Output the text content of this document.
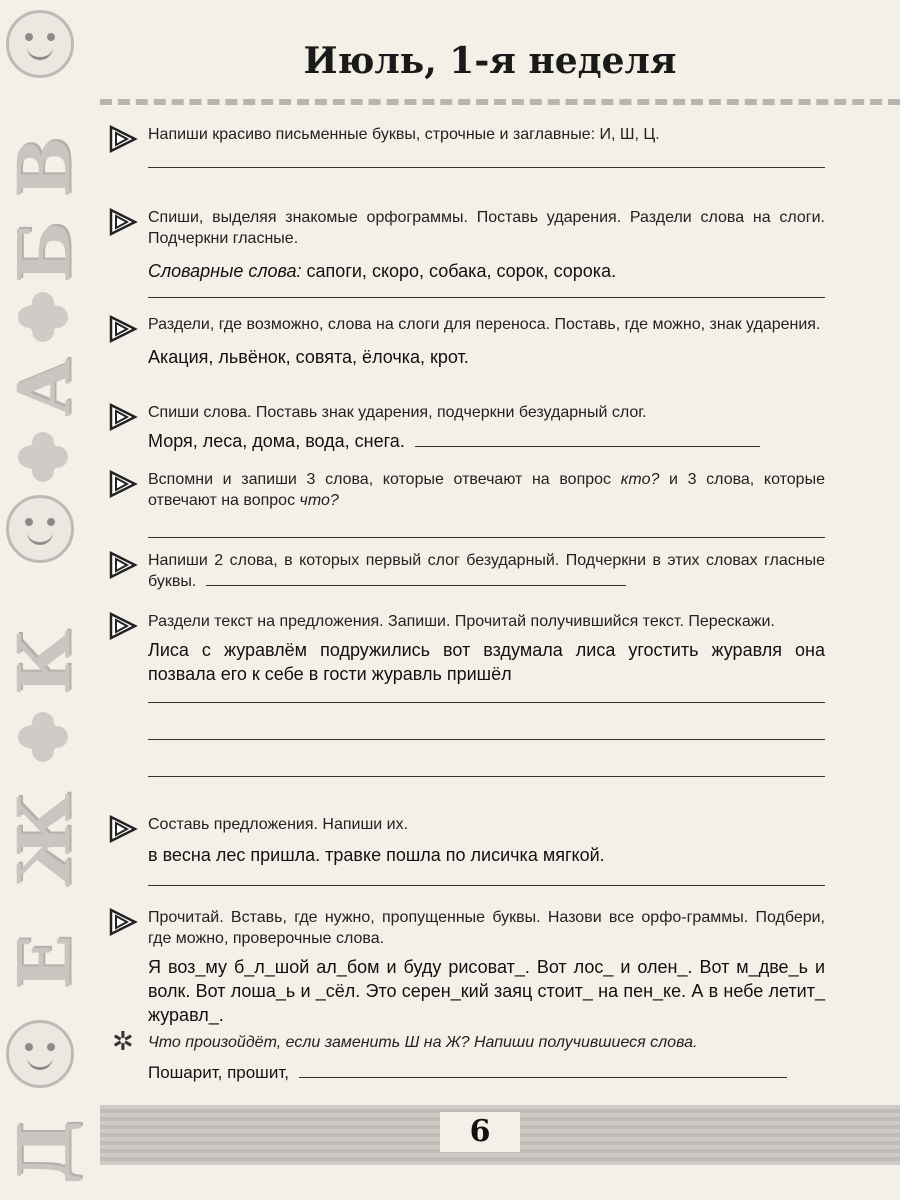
В
Б
А
К
Ж
Е
Д
Июль, 1-я неделя
Напиши красиво письменные буквы, строчные и заглавные: И, Ш, Ц.
Спиши, выделяя знакомые орфограммы. Поставь ударения. Раздели слова на слоги. Подчеркни гласные.
Словарные слова: сапоги, скоро, собака, сорок, сорока.
Раздели, где возможно, слова на слоги для переноса. Поставь, где можно, знак ударения.
Акация, львёнок, совята, ёлочка, крот.
Спиши слова. Поставь знак ударения, подчеркни безударный слог.
Моря, леса, дома, вода, снега.
Вспомни и запиши 3 слова, которые отвечают на вопрос кто? и 3 слова, которые отвечают на вопрос что?
Напиши 2 слова, в которых первый слог безударный. Подчеркни в этих словах гласные буквы.
Раздели текст на предложения. Запиши. Прочитай получившийся текст. Перескажи.
Лиса с журавлём подружились вот вздумала лиса угостить журавля она позвала его к себе в гости журавль пришёл
Составь предложения. Напиши их.
в весна лес пришла. травке пошла по лисичка мягкой.
Прочитай. Вставь, где нужно, пропущенные буквы. Назови все орфо-граммы. Подбери, где можно, проверочные слова.
Я воз_му б_л_шой ал_бом и буду рисоват_. Вот лос_ и олен_. Вот м_две_ь и волк. Вот лоша_ь и _сёл. Это серен_кий заяц стоит_ на пен_ке. А в небе летит_ журавл_.
✲ Что произойдёт, если заменить Ш на Ж? Напиши получившиеся слова.
Пошарит, прошит,
6
